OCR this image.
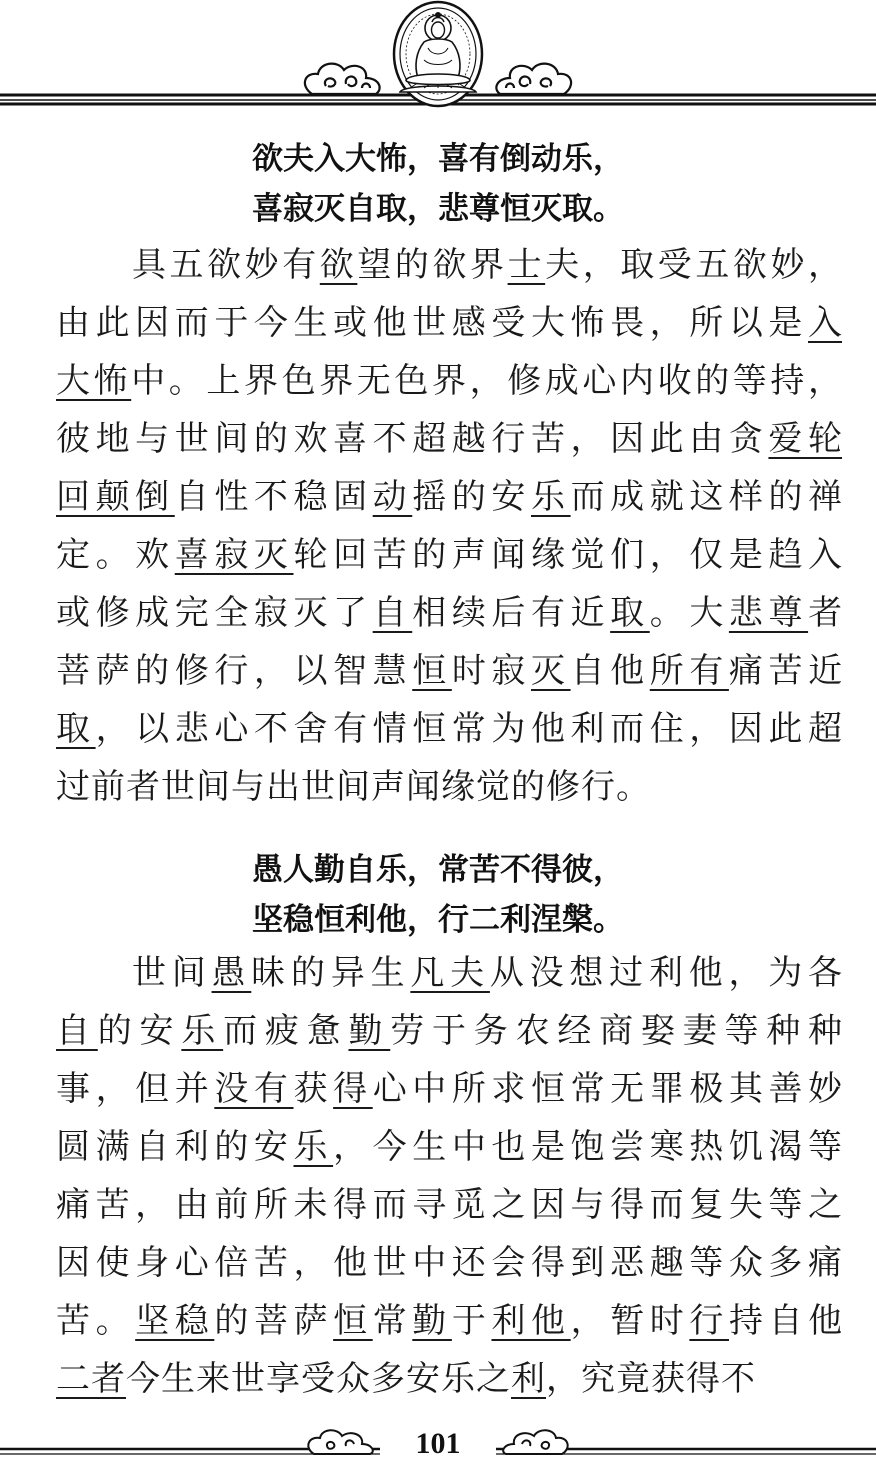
欲夫入大怖，喜有倒动乐，
喜寂灭自取，悲尊恒灭取。
具五欲妙有欲望的欲界士夫，取受五欲妙，
由此因而于今生或他世感受大怖畏，所以是入
大怖中。上界色界无色界，修成心内收的等持，
彼地与世间的欢喜不超越行苦，因此由贪爱轮
回颠倒自性不稳固动摇的安乐而成就这样的禅
定。欢喜寂灭轮回苦的声闻缘觉们，仅是趋入
或修成完全寂灭了自相续后有近取。大悲尊者
菩萨的修行，以智慧恒时寂灭自他所有痛苦近
取，以悲心不舍有情恒常为他利而住，因此超
过前者世间与出世间声闻缘觉的修行。
愚人勤自乐，常苦不得彼，
坚稳恒利他，行二利涅槃。
世间愚昧的异生凡夫从没想过利他，为各
自的安乐而疲惫勤劳于务农经商娶妻等种种
事，但并没有获得心中所求恒常无罪极其善妙
圆满自利的安乐，今生中也是饱尝寒热饥渴等
痛苦，由前所未得而寻觅之因与得而复失等之
因使身心倍苦，他世中还会得到恶趣等众多痛
苦。坚稳的菩萨恒常勤于利他，暂时行持自他
二者今生来世享受众多安乐之利，究竟获得不
101
